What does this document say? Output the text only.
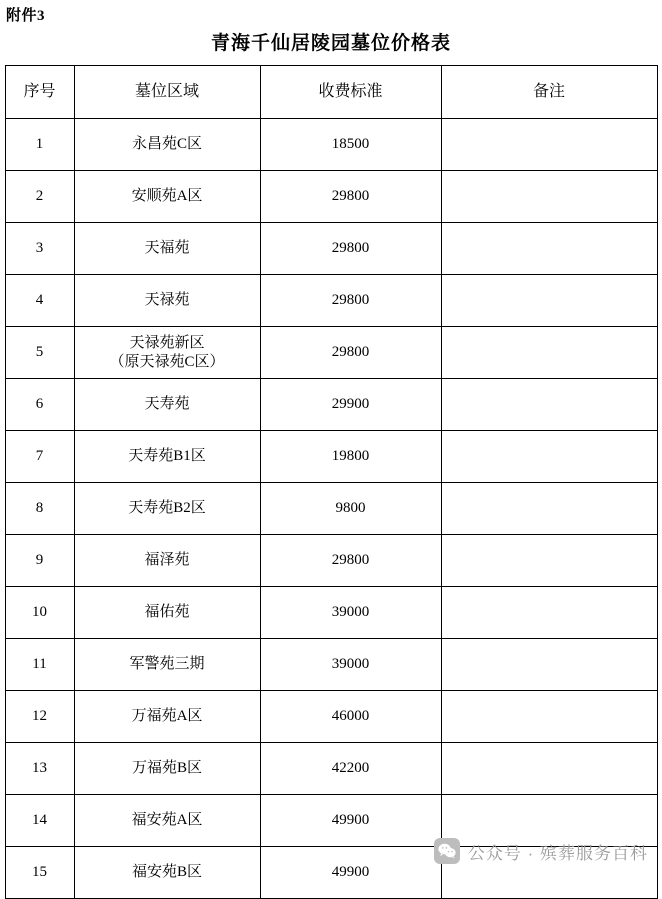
附件3
青海千仙居陵园墓位价格表
序号	墓位区域	收费标准	备注
1	永昌苑C区	18500	
2	安顺苑A区	29800	
3	天福苑	29800	
4	天禄苑	29800	
5	天禄苑新区
（原天禄苑C区）	29800	
6	天寿苑	29900	
7	天寿苑B1区	19800	
8	天寿苑B2区	9800	
9	福泽苑	29800	
10	福佑苑	39000	
11	军警苑三期	39000	
12	万福苑A区	46000	
13	万福苑B区	42200	
14	福安苑A区	49900	
15	福安苑B区	49900	
公众号 · 殡葬服务百科
